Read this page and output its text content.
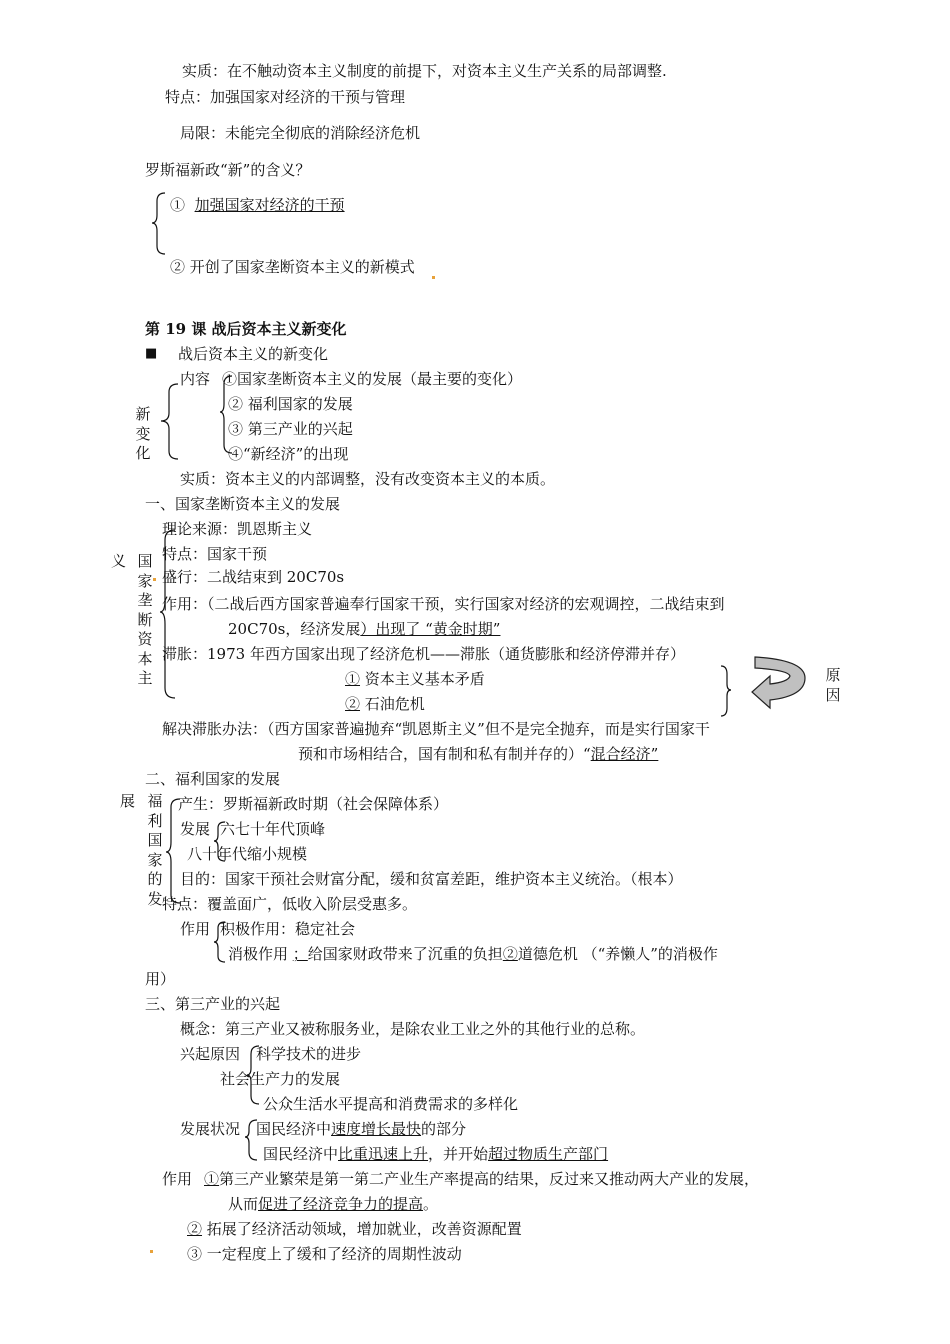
实质：在不触动资本主义制度的前提下，对资本主义生产关系的局部调整.
特点：加强国家对经济的干预与管理
局限：未能完全彻底的消除经济危机
罗斯福新政“新”的含义？
① 加强国家对经济的干预
② 开创了国家垄断资本主义的新模式
第 19 课 战后资本主义新变化
■ 战后资本主义的新变化
内容
新变化
①国家垄断资本主义的发展（最主要的变化）
② 福利国家的发展
③ 第三产业的兴起
④“新经济”的出现
实质：资本主义的内部调整，没有改变资本主义的本质。
一、国家垄断资本主义的发展
义 国家垄断资本主
理论来源：凯恩斯主义
特点：国家干预
盛行：二战结束到 20C70s
作用：（二战后西方国家普遍奉行国家干预，实行国家对经济的宏观调控，二战结束到
20C70s，经济发展）出现了 “黄金时期”
滞胀：1973 年西方国家出现了经济危机——滞胀（通货膨胀和经济停滞并存）
① 资本主义基本矛盾
② 石油危机
原因
解决滞胀办法：（西方国家普遍抛弃“凯恩斯主义”但不是完全抛弃，而是实行国家干
预和市场相结合，国有制和私有制并存的）“混合经济”
二、福利国家的发展
展 福利国家的发
产生：罗斯福新政时期（社会保障体系）
发展 六七十年代顶峰
八十年代缩小规模
目的：国家干预社会财富分配，缓和贫富差距，维护资本主义统治。（根本）
特点：覆盖面广，低收入阶层受惠多。
作用 积极作用：稳定社会
消极作用 ；给国家财政带来了沉重的负担②道德危机 （“养懒人”的消极作
用）
三、第三产业的兴起
概念：第三产业又被称服务业，是除农业工业之外的其他行业的总称。
兴起原因 科学技术的进步
社会生产力的发展
公众生活水平提高和消费需求的多样化
发展状况 国民经济中速度增长最快的部分
国民经济中比重迅速上升，并开始超过物质生产部门
作用 ①第三产业繁荣是第一第二产业生产率提高的结果，反过来又推动两大产业的发展，
从而促进了经济竞争力的提高。
② 拓展了经济活动领域，增加就业，改善资源配置
③ 一定程度上了缓和了经济的周期性波动
